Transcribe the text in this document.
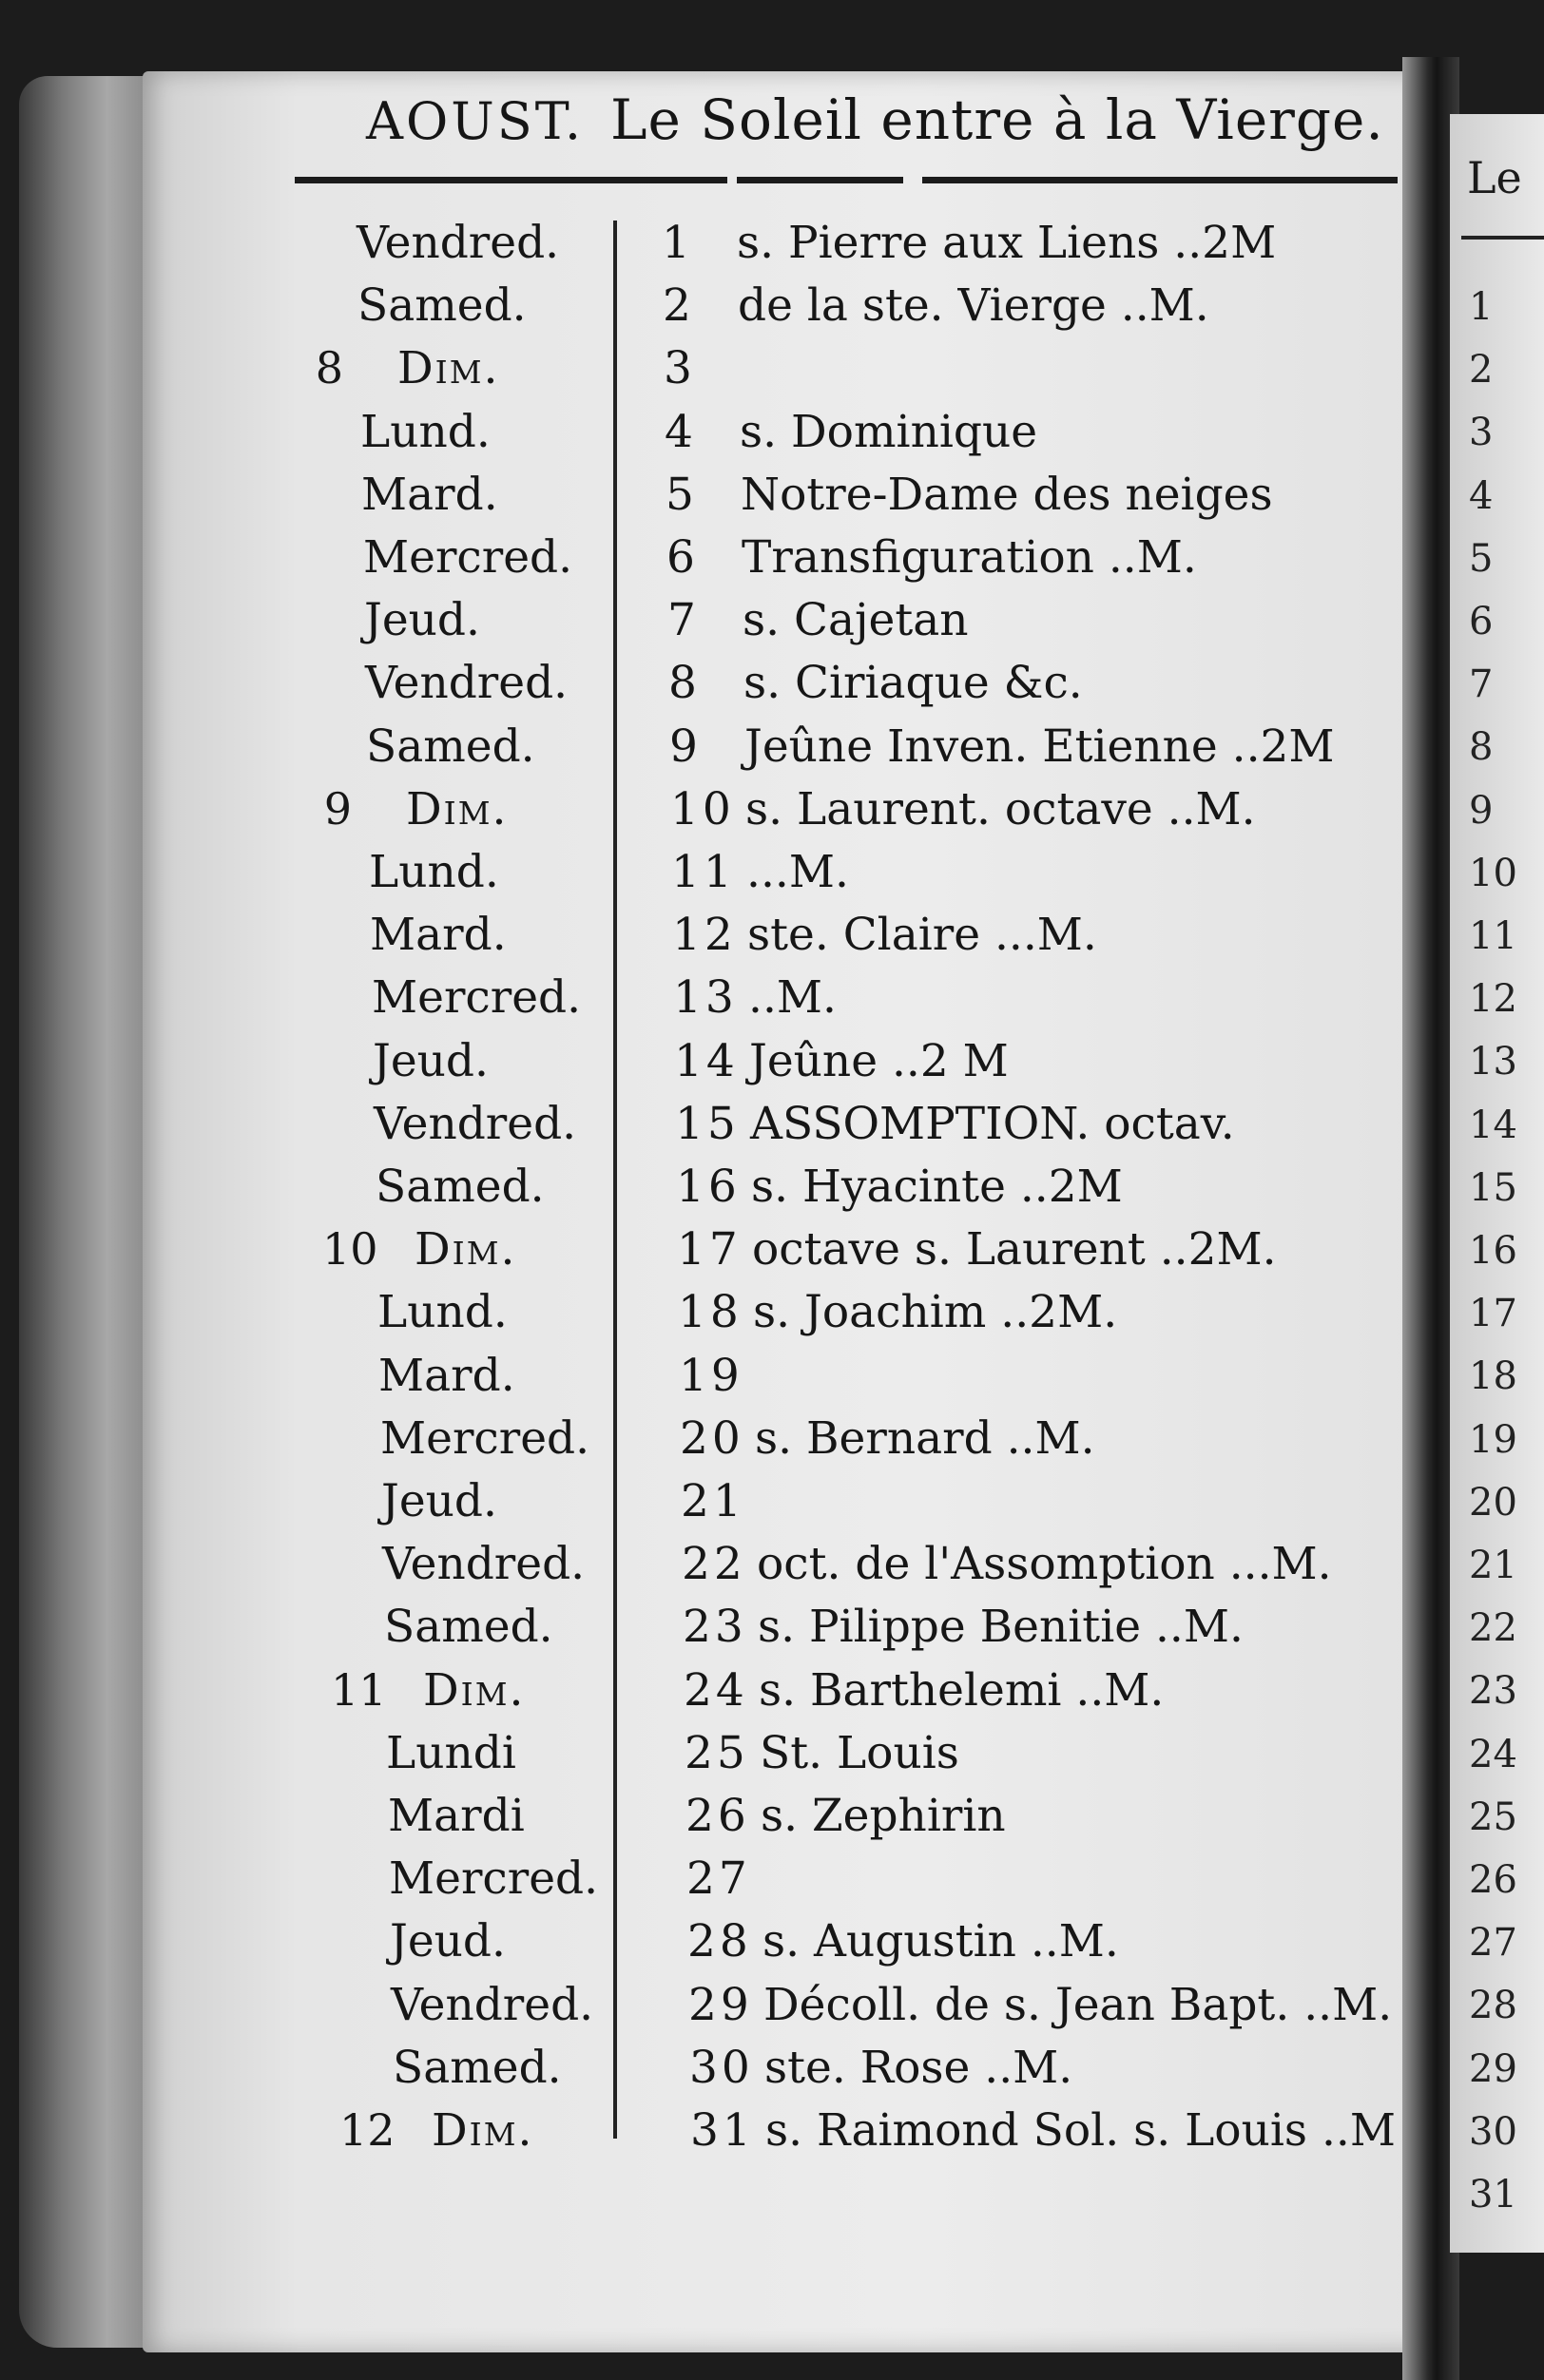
Le
1
2
3
4
5
6
7
8
9
10
11
12
13
14
15
16
17
18
19
20
21
22
23
24
25
26
27
28
29
30
31
AOUST. Le Soleil entre à la Vierge.
Vendred. 1 s. Pierre aux Liens ..2M
Samed.	2 de la ste. Vierge ..M.
8 Dim.	3
Lund.	4 s. Dominique
Mard.	5 Notre-Dame des neiges
Mercred. 6 Transfiguration ..M.
Jeud.	7 s. Cajetan
Vendred. 8 s. Ciriaque &c.
Samed.	9 Jeûne Inven. Etienne ..2M
9 Dim.	10 s. Laurent. octave ..M.
Lund.	11 ...M.
Mard.	12 ste. Claire ...M.
Mercred. 13 ..M.
Jeud.	14 Jeûne ..2 M
Vendred. 15 ASSOMPTION. octav.
Samed.	16 s. Hyacinte ..2M
10 Dim.	17 octave s. Laurent ..2M.
Lund.	18 s. Joachim ..2M.
Mard.	19
Mercred. 20 s. Bernard ..M.
Jeud.	21
Vendred. 22 oct. de l'Assomption ...M.
Samed.	23 s. Pilippe Benitie ..M.
11 Dim.	24 s. Barthelemi ..M.
Lundi	25 St. Louis
Mardi	26 s. Zephirin
Mercred. 27
Jeud.	28 s. Augustin ..M.
Vendred. 29 Décoll. de s. Jean Bapt. ..M.
Samed.	30 ste. Rose ..M.
12 Dim.	31 s. Raimond Sol. s. Louis ..M
